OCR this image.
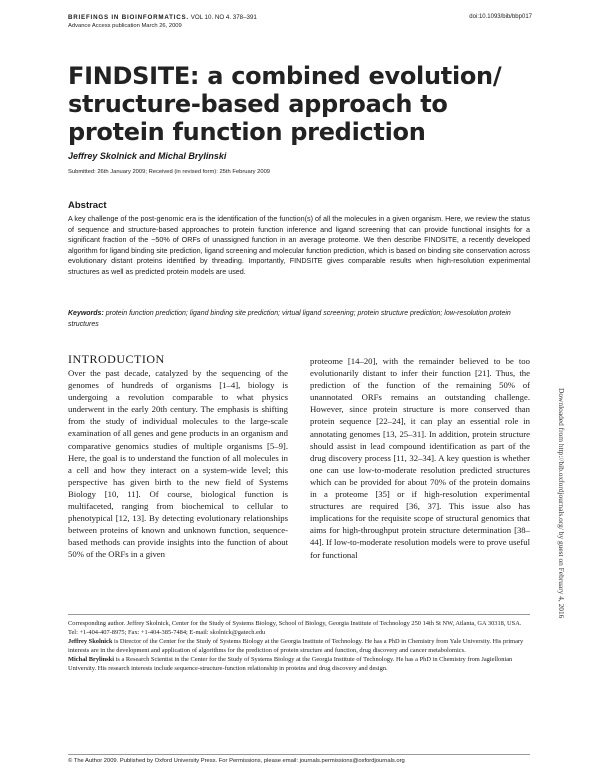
BRIEFINGS IN BIOINFORMATICS. VOL 10. NO 4. 378–391	doi:10.1093/bib/bbp017
Advance Access publication March 26, 2009
FINDSITE: a combined evolution/ structure-based approach to protein function prediction
Jeffrey Skolnick and Michal Brylinski
Submitted: 26th January 2009; Received (in revised form): 25th February 2009
Abstract
A key challenge of the post-genomic era is the identification of the function(s) of all the molecules in a given organism. Here, we review the status of sequence and structure-based approaches to protein function inference and ligand screening that can provide functional insights for a significant fraction of the ~50% of ORFs of unassigned function in an average proteome. We then describe FINDSITE, a recently developed algorithm for ligand binding site prediction, ligand screening and molecular function prediction, which is based on binding site conservation across evolutionary distant proteins identified by threading. Importantly, FINDSITE gives comparable results when high-resolution experimental structures as well as predicted protein models are used.
Keywords: protein function prediction; ligand binding site prediction; virtual ligand screening; protein structure prediction; low-resolution protein structures
INTRODUCTION
Over the past decade, catalyzed by the sequencing of the genomes of hundreds of organisms [1–4], biology is undergoing a revolution comparable to what physics underwent in the early 20th century. The emphasis is shifting from the study of individual molecules to the large-scale examination of all genes and gene products in an organism and comparative genomics studies of multiple organisms [5–9]. Here, the goal is to understand the function of all molecules in a cell and how they interact on a system-wide level; this perspective has given birth to the new field of Systems Biology [10, 11]. Of course, biological function is multifaceted, ranging from biochemical to cellular to phenotypical [12, 13]. By detecting evolutionary relationships between proteins of known and unknown function, sequence-based methods can provide insights into the function of about 50% of the ORFs in a given
proteome [14–20], with the remainder believed to be too evolutionarily distant to infer their function [21]. Thus, the prediction of the function of the remaining 50% of unannotated ORFs remains an outstanding challenge. However, since protein structure is more conserved than protein sequence [22–24], it can play an essential role in annotating genomes [13, 25–31]. In addition, protein structure should assist in lead compound identification as part of the drug discovery process [11, 32–34]. A key question is whether one can use low-to-moderate resolution predicted structures which can be provided for about 70% of the protein domains in a proteome [35] or if high-resolution experimental structures are required [36, 37]. This issue also has implications for the requisite scope of structural genomics that aims for high-throughput protein structure determination [38–44]. If low-to-moderate resolution models were to prove useful for functional

Corresponding author. Jeffrey Skolnick, Center for the Study of Systems Biology, School of Biology, Georgia Institute of Technology 250 14th St NW, Atlanta, GA 30318, USA. Tel: +1-404-407-8975; Fax: +1-404-385-7484; E-mail: skolnick@gatech.edu

Jeffrey Skolnick is Director of the Center for the Study of Systems Biology at the Georgia Institute of Technology. He has a PhD in Chemistry from Yale University. His primary interests are in the development and application of algorithms for the prediction of protein structure and function, drug discovery and cancer metabolomics.

Michal Brylinski is a Research Scientist in the Center for the Study of Systems Biology at the Georgia Institute of Technology. He has a PhD in Chemistry from Jagiellonian University. His research interests include sequence-structure-function relationship in proteins and drug discovery and design.

© The Author 2009. Published by Oxford University Press. For Permissions, please email: journals.permissions@oxfordjournals.org
Downloaded from http://bib.oxfordjournals.org/ by guest on February 4, 2016
